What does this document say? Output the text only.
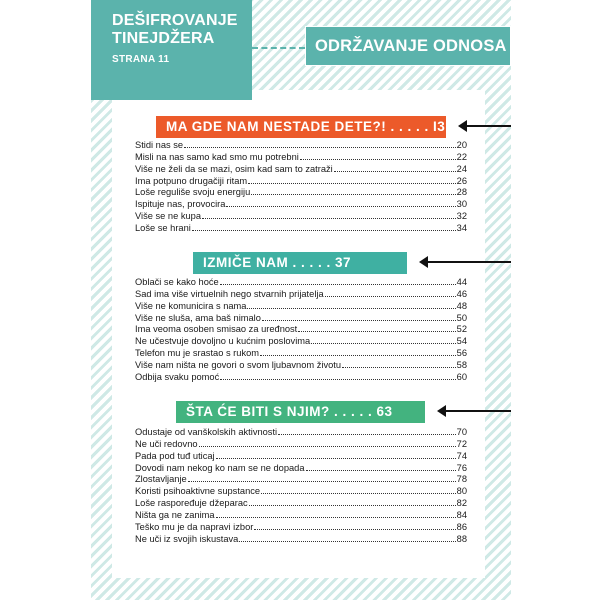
DEŠIFROVANJE
TINEJDŽERA
STRANA 11
ODRŽAVANJE ODNOSA
MA GDE NAM NESTADE DETE?! . . . . . I3
Stidi nas se	20
Misli na nas samo kad smo mu potrebni	22
Više ne želi da se mazi, osim kad sam to zatraži	24
Ima potpuno drugačiji ritam	26
Loše reguliše svoju energiju	28
Ispituje nas, provocira	30
Više se ne kupa	32
Loše se hrani	34
IZMIČE NAM . . . . . 37
Oblači se kako hoće	44
Sad ima više virtuelnih nego stvarnih prijatelja	46
Više ne komunicira s nama	48
Više ne sluša, ama baš nimalo	50
Ima veoma osoben smisao za uređnost	52
Ne učestvuje dovoljno u kućnim poslovima	54
Telefon mu je srastao s rukom	56
Više nam ništa ne govori o svom ljubavnom životu	58
Odbija svaku pomoć	60
ŠTA ĆE BITI S NJIM? . . . . . 63
Odustaje od vanškolskih aktivnosti	70
Ne uči redovno	72
Pada pod tuđ uticaj	74
Dovodi nam nekog ko nam se ne dopada	76
Zlostavljanje	78
Koristi psihoaktivne supstance	80
Loše raspoređuje džeparac	82
Ništa ga ne zanima	84
Teško mu je da napravi izbor	86
Ne uči iz svojih iskustava	88
